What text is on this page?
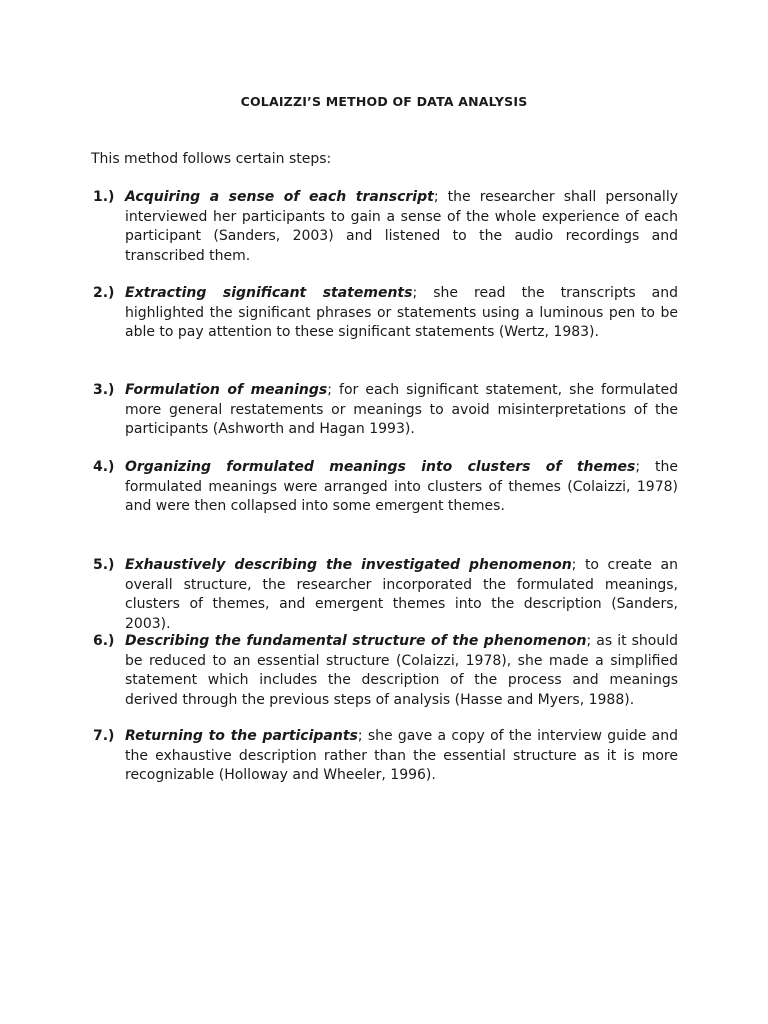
COLAIZZI’S METHOD OF DATA ANALYSIS

This method follows certain steps:

1.) Acquiring a sense of each transcript; the researcher shall personally interviewed her participants to gain a sense of the whole experience of each participant (Sanders, 2003) and listened to the audio recordings and transcribed them.
2.) Extracting significant statements; she read the transcripts and highlighted the significant phrases or statements using a luminous pen to be able to pay attention to these significant statements (Wertz, 1983).
3.) Formulation of meanings; for each significant statement, she formulated more general restatements or meanings to avoid misinterpretations of the participants (Ashworth and Hagan 1993).
4.) Organizing formulated meanings into clusters of themes; the formulated meanings were arranged into clusters of themes (Colaizzi, 1978) and were then collapsed into some emergent themes.
5.) Exhaustively describing the investigated phenomenon; to create an overall structure, the researcher incorporated the formulated meanings, clusters of themes, and emergent themes into the description (Sanders, 2003).
6.) Describing the fundamental structure of the phenomenon; as it should be reduced to an essential structure (Colaizzi, 1978), she made a simplified statement which includes the description of the process and meanings derived through the previous steps of analysis (Hasse and Myers, 1988).
7.) Returning to the participants; she gave a copy of the interview guide and the exhaustive description rather than the essential structure as it is more recognizable (Holloway and Wheeler, 1996).
